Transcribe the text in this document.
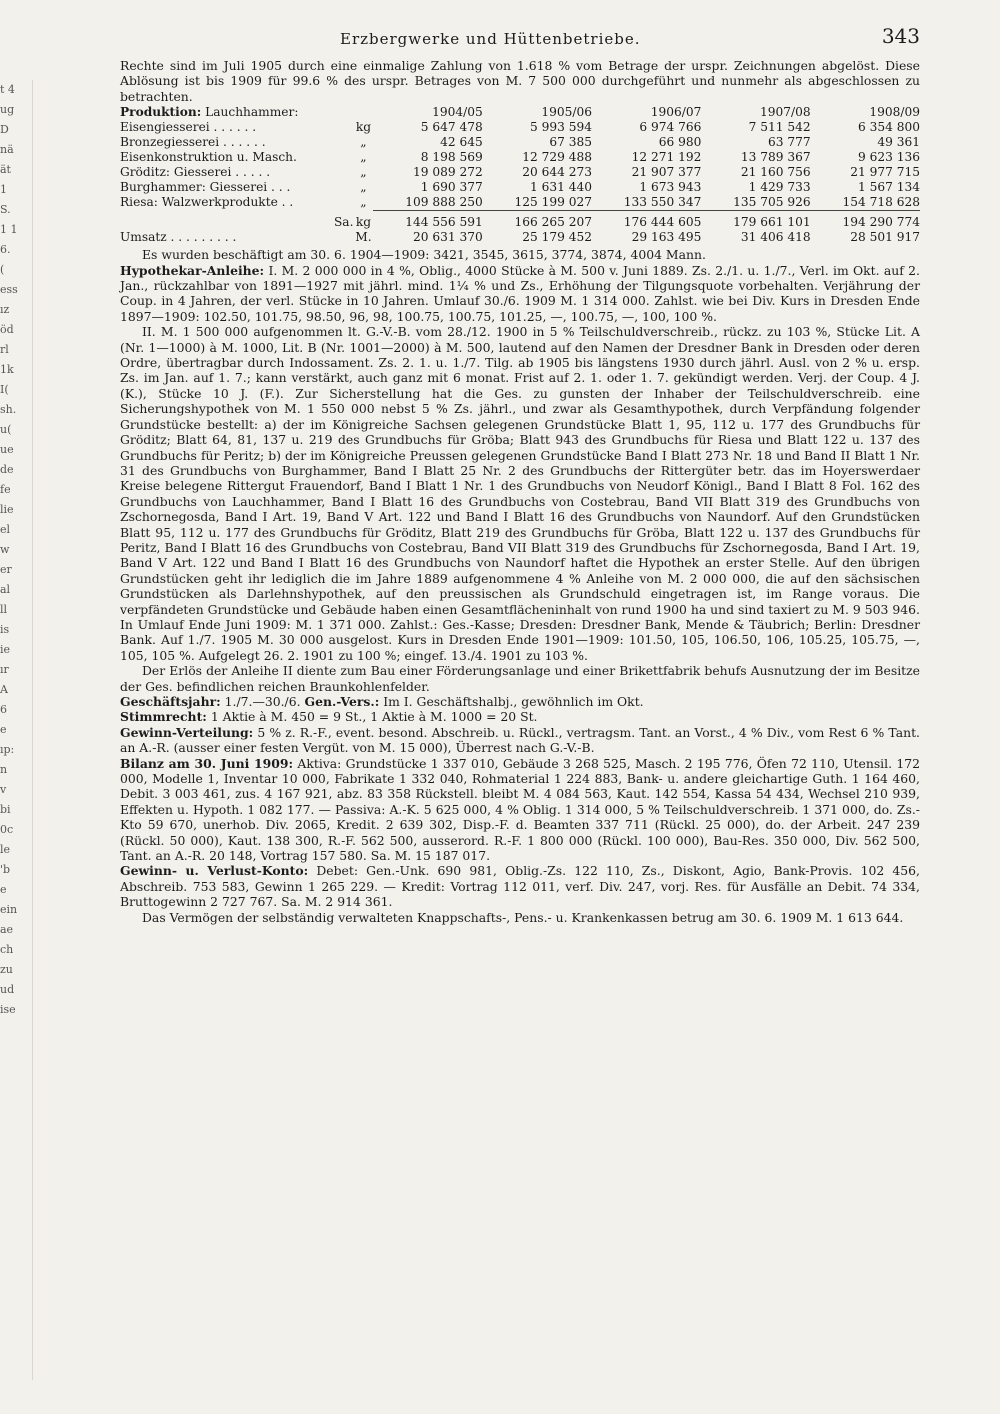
t 4
ug
D
nä
ät
1
S.
1 1
6.
(
ess
ız
̈öd
rl
1k
I(
sh.
u(
ue
de
fe
lie
el
w
er
al
ll
is
ie
ır
A
6
e
ıp:
n
v
bi
0c
le
'b
e
ein
ae
ch
zu
ud
ise
Erzbergwerke und Hüttenbetriebe.	343

Rechte sind im Juli 1905 durch eine einmalige Zahlung von 1.618 % vom Betrage der urspr. Zeichnungen abgelöst. Diese Ablösung ist bis 1909 für 99.6 % des urspr. Betrages von M. 7 500 000 durchgeführt und nunmehr als abgeschlossen zu betrachten.

Produktion: Lauchhammer:		1904/05	1905/06	1906/07	1907/08	1908/09
Eisengiesserei . . . . . .	kg	5 647 478	5 993 594	6 974 766	7 511 542	6 354 800
Bronzegiesserei . . . . . .	„	42 645	67 385	66 980	63 777	49 361
Eisenkonstruktion u. Masch.	„	8 198 569	12 729 488	12 271 192	13 789 367	9 623 136
Gröditz: Giesserei . . . . .	„	19 089 272	20 644 273	21 907 377	21 160 756	21 977 715
Burghammer: Giesserei . . .	„	1 690 377	1 631 440	1 673 943	1 429 733	1 567 134
Riesa: Walzwerkprodukte . .	„	109 888 250	125 199 027	133 550 347	135 705 926	154 718 628
Sa.	kg	144 556 591	166 265 207	176 444 605	179 661 101	194 290 774
Umsatz . . . . . . . . .	M.	20 631 370	25 179 452	29 163 495	31 406 418	28 501 917

Es wurden beschäftigt am 30. 6. 1904—1909: 3421, 3545, 3615, 3774, 3874, 4004 Mann.

Hypothekar-Anleihe: I. M. 2 000 000 in 4 %, Oblig., 4000 Stücke à M. 500 v. Juni 1889. Zs. 2./1. u. 1./7., Verl. im Okt. auf 2. Jan., rückzahlbar von 1891—1927 mit jährl. mind. 1¼ % und Zs., Erhöhung der Tilgungsquote vorbehalten. Verjährung der Coup. in 4 Jahren, der verl. Stücke in 10 Jahren. Umlauf 30./6. 1909 M. 1 314 000. Zahlst. wie bei Div. Kurs in Dresden Ende 1897—1909: 102.50, 101.75, 98.50, 96, 98, 100.75, 100.75, 101.25, —, 100.75, —, 100, 100 %.

II. M. 1 500 000 aufgenommen lt. G.-V.-B. vom 28./12. 1900 in 5 % Teilschuldverschreib., rückz. zu 103 %, Stücke Lit. A (Nr. 1—1000) à M. 1000, Lit. B (Nr. 1001—2000) à M. 500, lautend auf den Namen der Dresdner Bank in Dresden oder deren Ordre, übertragbar durch Indossament. Zs. 2. 1. u. 1./7. Tilg. ab 1905 bis längstens 1930 durch jährl. Ausl. von 2 % u. ersp. Zs. im Jan. auf 1. 7.; kann verstärkt, auch ganz mit 6 monat. Frist auf 2. 1. oder 1. 7. gekündigt werden. Verj. der Coup. 4 J. (K.), Stücke 10 J. (F.). Zur Sicherstellung hat die Ges. zu gunsten der Inhaber der Teilschuldverschreib. eine Sicherungshypothek von M. 1 550 000 nebst 5 % Zs. jährl., und zwar als Gesamthypothek, durch Verpfändung folgender Grundstücke bestellt: a) der im Königreiche Sachsen gelegenen Grundstücke Blatt 1, 95, 112 u. 177 des Grundbuchs für Gröditz; Blatt 64, 81, 137 u. 219 des Grundbuchs für Gröba; Blatt 943 des Grundbuchs für Riesa und Blatt 122 u. 137 des Grundbuchs für Peritz; b) der im Königreiche Preussen gelegenen Grundstücke Band I Blatt 273 Nr. 18 und Band II Blatt 1 Nr. 31 des Grundbuchs von Burghammer, Band I Blatt 25 Nr. 2 des Grundbuchs der Rittergüter betr. das im Hoyerswerdaer Kreise belegene Rittergut Frauendorf, Band I Blatt 1 Nr. 1 des Grundbuchs von Neudorf Königl., Band I Blatt 8 Fol. 162 des Grundbuchs von Lauchhammer, Band I Blatt 16 des Grundbuchs von Costebrau, Band VII Blatt 319 des Grundbuchs von Zschornegosda, Band I Art. 19, Band V Art. 122 und Band I Blatt 16 des Grundbuchs von Naundorf. Auf den Grundstücken Blatt 95, 112 u. 177 des Grundbuchs für Gröditz, Blatt 219 des Grundbuchs für Gröba, Blatt 122 u. 137 des Grundbuchs für Peritz, Band I Blatt 16 des Grundbuchs von Costebrau, Band VII Blatt 319 des Grundbuchs für Zschornegosda, Band I Art. 19, Band V Art. 122 und Band I Blatt 16 des Grundbuchs von Naundorf haftet die Hypothek an erster Stelle. Auf den übrigen Grundstücken geht ihr lediglich die im Jahre 1889 aufgenommene 4 % Anleihe von M. 2 000 000, die auf den sächsischen Grundstücken als Darlehnshypothek, auf den preussischen als Grundschuld eingetragen ist, im Range voraus. Die verpfändeten Grundstücke und Gebäude haben einen Gesamtflächeninhalt von rund 1900 ha und sind taxiert zu M. 9 503 946. In Umlauf Ende Juni 1909: M. 1 371 000. Zahlst.: Ges.-Kasse; Dresden: Dresdner Bank, Mende & Täubrich; Berlin: Dresdner Bank. Auf 1./7. 1905 M. 30 000 ausgelost. Kurs in Dresden Ende 1901—1909: 101.50, 105, 106.50, 106, 105.25, 105.75, —, 105, 105 %. Aufgelegt 26. 2. 1901 zu 100 %; eingef. 13./4. 1901 zu 103 %.

Der Erlös der Anleihe II diente zum Bau einer Förderungsanlage und einer Brikettfabrik behufs Ausnutzung der im Besitze der Ges. befindlichen reichen Braunkohlenfelder.

Geschäftsjahr: 1./7.—30./6. Gen.-Vers.: Im I. Geschäftshalbj., gewöhnlich im Okt.

Stimmrecht: 1 Aktie à M. 450 = 9 St., 1 Aktie à M. 1000 = 20 St.

Gewinn-Verteilung: 5 % z. R.-F., event. besond. Abschreib. u. Rückl., vertragsm. Tant. an Vorst., 4 % Div., vom Rest 6 % Tant. an A.-R. (ausser einer festen Vergüt. von M. 15 000), Überrest nach G.-V.-B.

Bilanz am 30. Juni 1909: Aktiva: Grundstücke 1 337 010, Gebäude 3 268 525, Masch. 2 195 776, Öfen 72 110, Utensil. 172 000, Modelle 1, Inventar 10 000, Fabrikate 1 332 040, Rohmaterial 1 224 883, Bank- u. andere gleichartige Guth. 1 164 460, Debit. 3 003 461, zus. 4 167 921, abz. 83 358 Rückstell. bleibt M. 4 084 563, Kaut. 142 554, Kassa 54 434, Wechsel 210 939, Effekten u. Hypoth. 1 082 177. — Passiva: A.-K. 5 625 000, 4 % Oblig. 1 314 000, 5 % Teilschuldverschreib. 1 371 000, do. Zs.-Kto 59 670, unerhob. Div. 2065, Kredit. 2 639 302, Disp.-F. d. Beamten 337 711 (Rückl. 25 000), do. der Arbeit. 247 239 (Rückl. 50 000), Kaut. 138 300, R.-F. 562 500, ausserord. R.-F. 1 800 000 (Rückl. 100 000), Bau-Res. 350 000, Div. 562 500, Tant. an A.-R. 20 148, Vortrag 157 580. Sa. M. 15 187 017.

Gewinn- u. Verlust-Konto: Debet: Gen.-Unk. 690 981, Oblig.-Zs. 122 110, Zs., Diskont, Agio, Bank-Provis. 102 456, Abschreib. 753 583, Gewinn 1 265 229. — Kredit: Vortrag 112 011, verf. Div. 247, vorj. Res. für Ausfälle an Debit. 74 334, Bruttogewinn 2 727 767. Sa. M. 2 914 361.

Das Vermögen der selbständig verwalteten Knappschafts-, Pens.- u. Krankenkassen betrug am 30. 6. 1909 M. 1 613 644.
